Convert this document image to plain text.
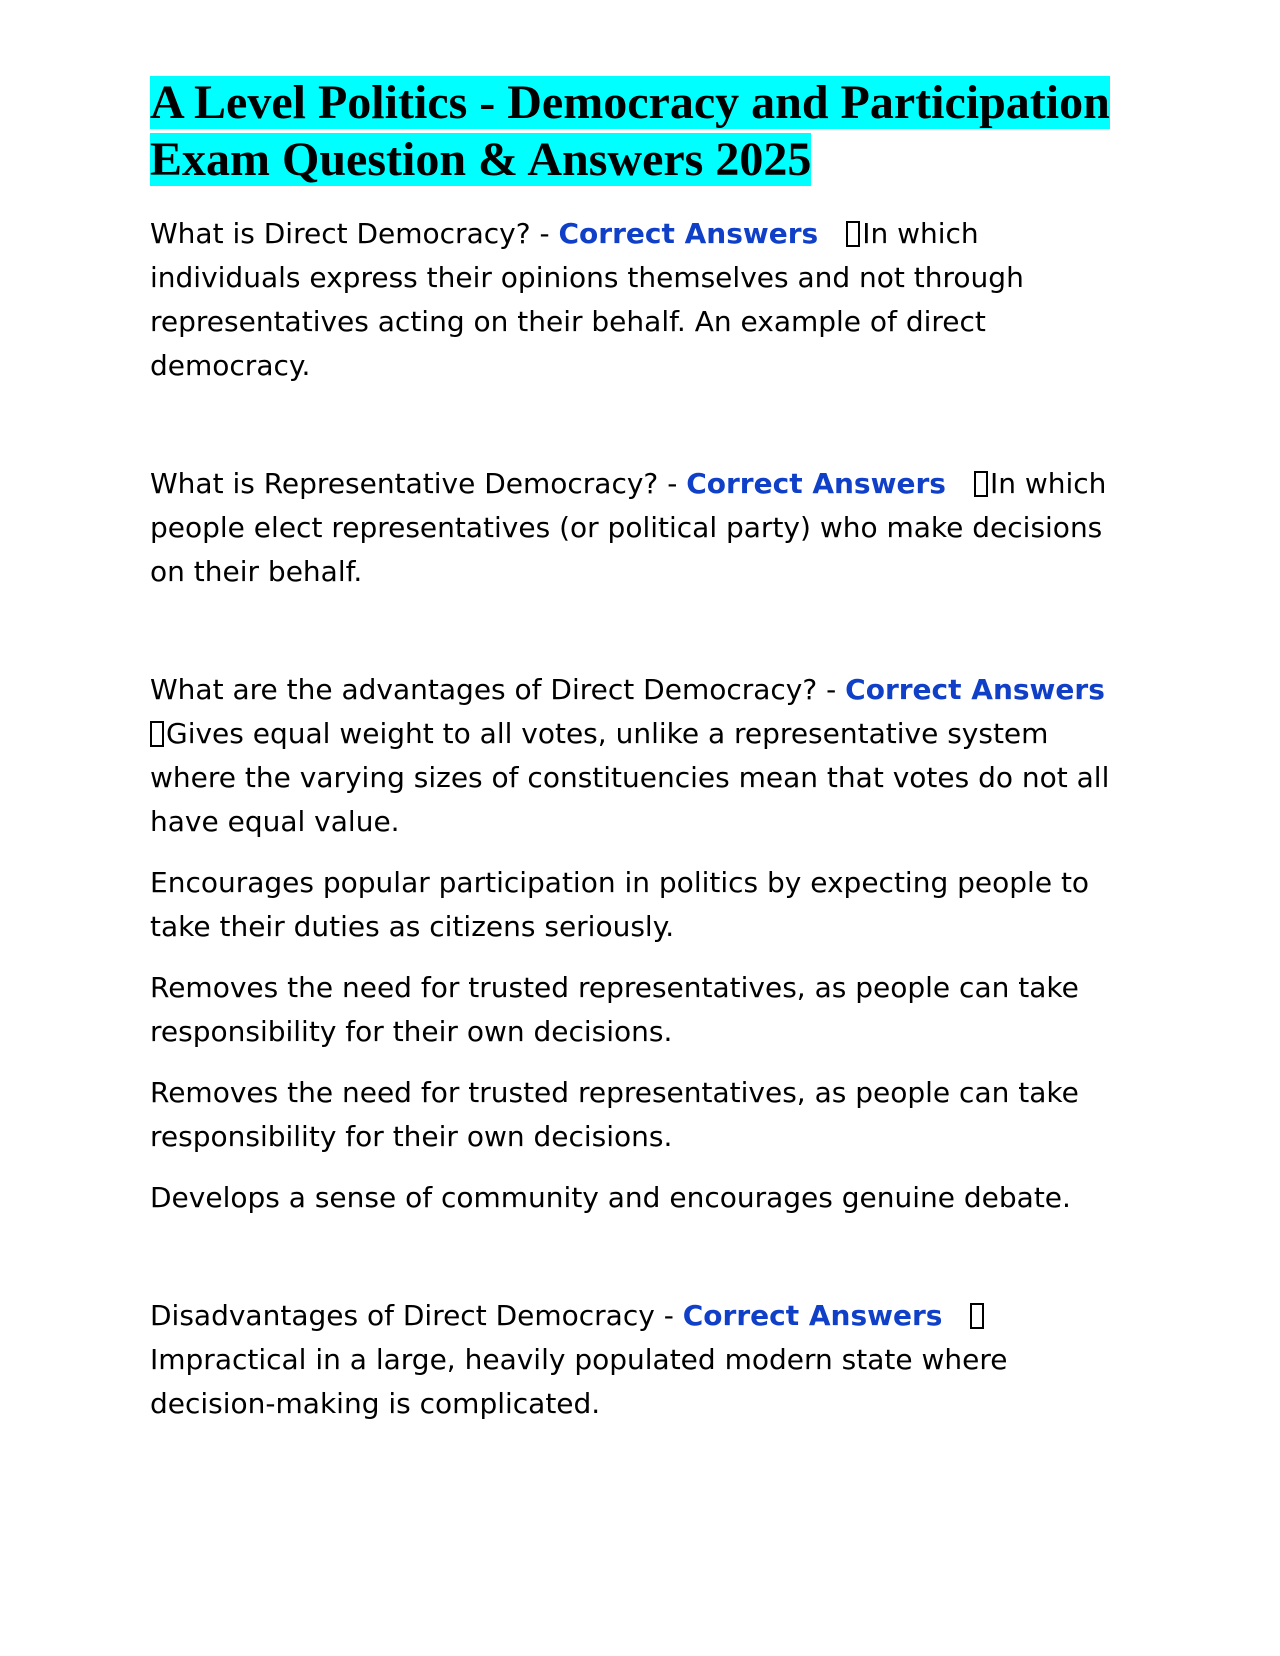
A Level Politics - Democracy and Participation Exam Question & Answers 2025

What is Direct Democracy? - Correct Answers In which individuals express their opinions themselves and not through representatives acting on their behalf. An example of direct democracy.

What is Representative Democracy? - Correct Answers In which people elect representatives (or political party) who make decisions on their behalf.

What are the advantages of Direct Democracy? - Correct Answers
Gives equal weight to all votes, unlike a representative system where the varying sizes of constituencies mean that votes do not all have equal value.

Encourages popular participation in politics by expecting people to take their duties as citizens seriously.

Removes the need for trusted representatives, as people can take responsibility for their own decisions.

Removes the need for trusted representatives, as people can take responsibility for their own decisions.

Develops a sense of community and encourages genuine debate.

Disadvantages of Direct Democracy - Correct AnswersImpractical in a large, heavily populated modern state where decision-making is complicated.
